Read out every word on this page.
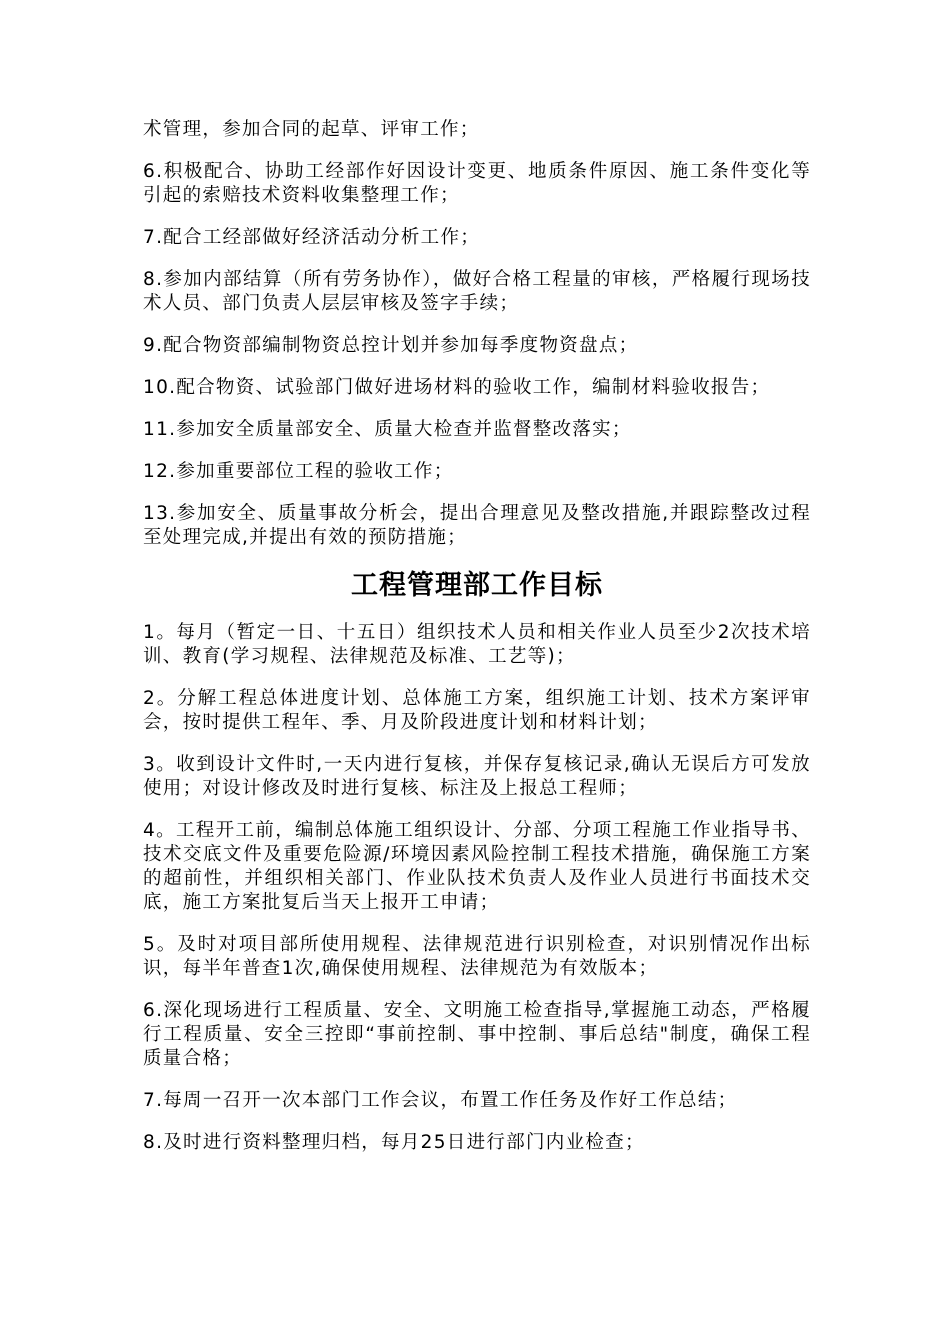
术管理，参加合同的起草、评审工作；

6.积极配合、协助工经部作好因设计变更、地质条件原因、施工条件变化等引起的索赔技术资料收集整理工作；

7.配合工经部做好经济活动分析工作；

8.参加内部结算（所有劳务协作），做好合格工程量的审核，严格履行现场技术人员、部门负责人层层审核及签字手续；

9.配合物资部编制物资总控计划并参加每季度物资盘点；

10.配合物资、试验部门做好进场材料的验收工作，编制材料验收报告；

11.参加安全质量部安全、质量大检查并监督整改落实；

12.参加重要部位工程的验收工作；

13.参加安全、质量事故分析会，提出合理意见及整改措施,并跟踪整改过程至处理完成,并提出有效的预防措施；

工程管理部工作目标

1。每月（暂定一日、十五日）组织技术人员和相关作业人员至少2次技术培训、教育(学习规程、法律规范及标准、工艺等)；

2。分解工程总体进度计划、总体施工方案，组织施工计划、技术方案评审会，按时提供工程年、季、月及阶段进度计划和材料计划；

3。收到设计文件时,一天内进行复核，并保存复核记录,确认无误后方可发放使用；对设计修改及时进行复核、标注及上报总工程师；

4。工程开工前，编制总体施工组织设计、分部、分项工程施工作业指导书、技术交底文件及重要危险源/环境因素风险控制工程技术措施，确保施工方案的超前性，并组织相关部门、作业队技术负责人及作业人员进行书面技术交底，施工方案批复后当天上报开工申请；

5。及时对项目部所使用规程、法律规范进行识别检查，对识别情况作出标识，每半年普查1次,确保使用规程、法律规范为有效版本；

6.深化现场进行工程质量、安全、文明施工检查指导,掌握施工动态，严格履行工程质量、安全三控即“事前控制、事中控制、事后总结"制度，确保工程质量合格；

7.每周一召开一次本部门工作会议，布置工作任务及作好工作总结；

8.及时进行资料整理归档，每月25日进行部门内业检查；
